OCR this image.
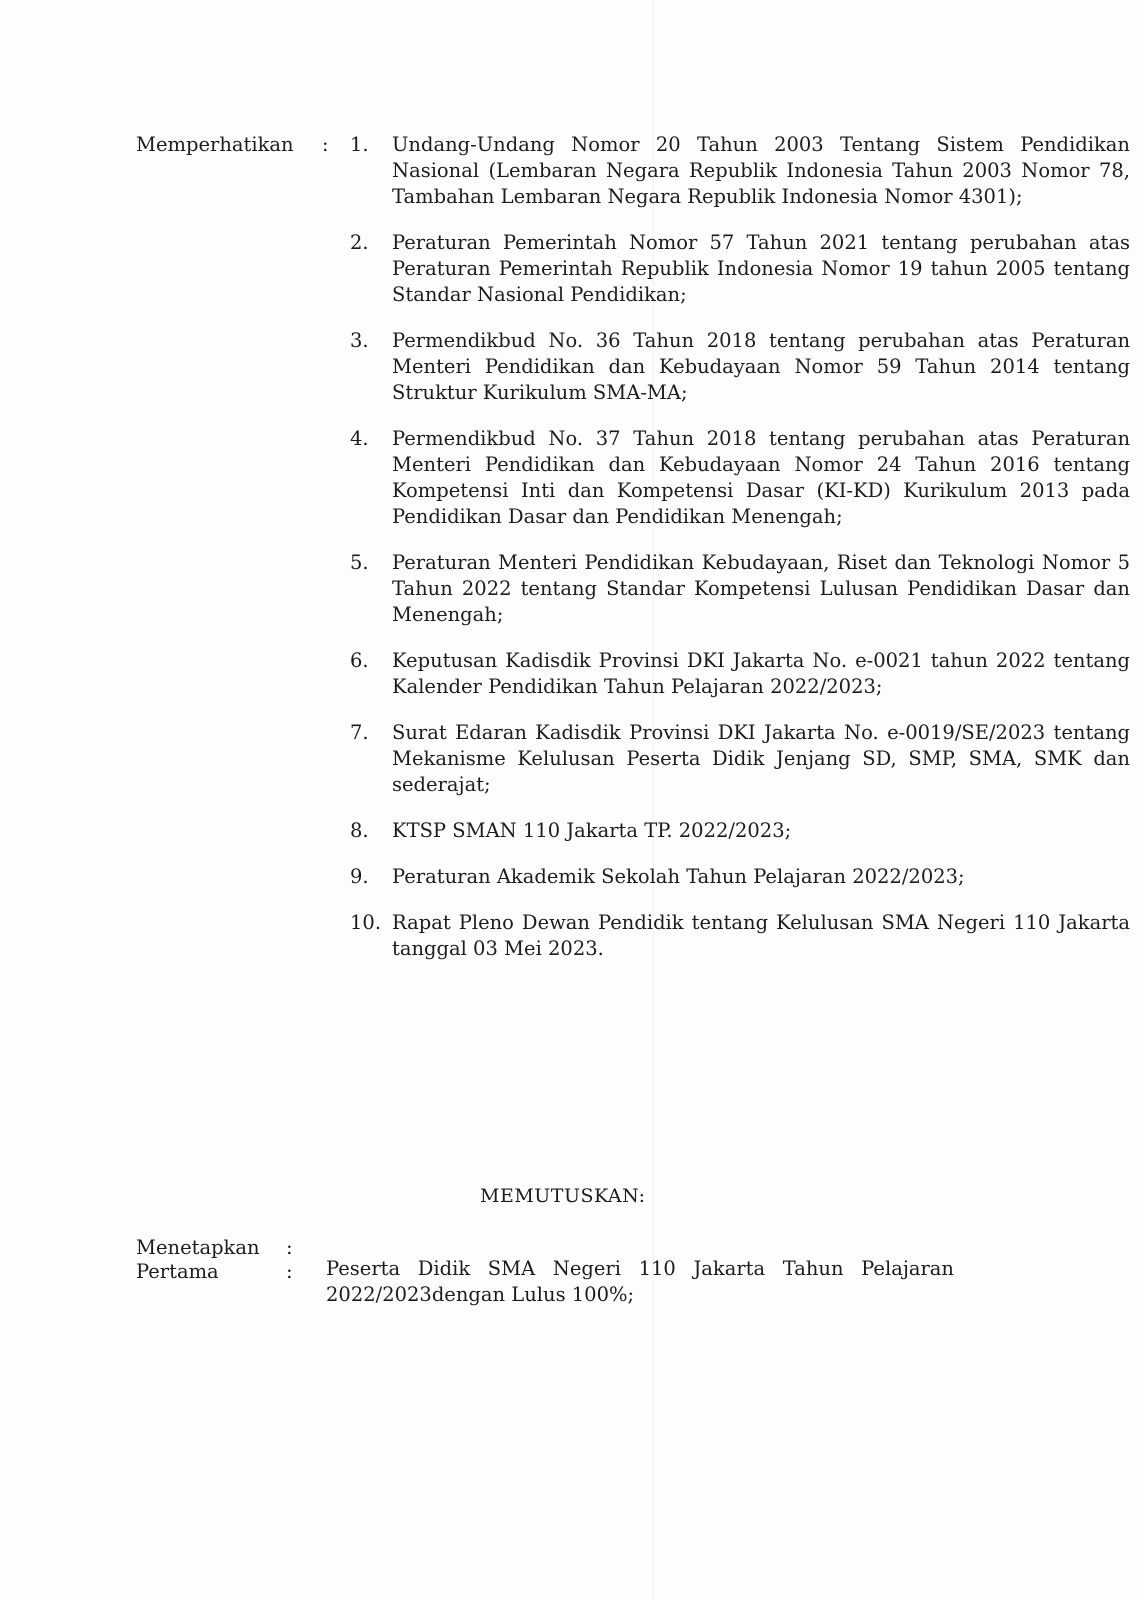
Memperhatikan : 1. Undang-Undang Nomor 20 Tahun 2003 Tentang Sistem Pendidikan Nasional (Lembaran Negara Republik Indonesia Tahun 2003 Nomor 78, Tambahan Lembaran Negara Republik Indonesia Nomor 4301);
2. Peraturan Pemerintah Nomor 57 Tahun 2021 tentang perubahan atas Peraturan Pemerintah Republik Indonesia Nomor 19 tahun 2005 tentang Standar Nasional Pendidikan;
3. Permendikbud No. 36 Tahun 2018 tentang perubahan atas Peraturan Menteri Pendidikan dan Kebudayaan Nomor 59 Tahun 2014 tentang Struktur Kurikulum SMA-MA;
4. Permendikbud No. 37 Tahun 2018 tentang perubahan atas Peraturan Menteri Pendidikan dan Kebudayaan Nomor 24 Tahun 2016 tentang Kompetensi Inti dan Kompetensi Dasar (KI-KD) Kurikulum 2013 pada Pendidikan Dasar dan Pendidikan Menengah;
5. Peraturan Menteri Pendidikan Kebudayaan, Riset dan Teknologi Nomor 5 Tahun 2022 tentang Standar Kompetensi Lulusan Pendidikan Dasar dan Menengah;
6. Keputusan Kadisdik Provinsi DKI Jakarta No. e-0021 tahun 2022 tentang Kalender Pendidikan Tahun Pelajaran 2022/2023;
7. Surat Edaran Kadisdik Provinsi DKI Jakarta No. e-0019/SE/2023 tentang Mekanisme Kelulusan Peserta Didik Jenjang SD, SMP, SMA, SMK dan sederajat;
8. KTSP SMAN 110 Jakarta TP. 2022/2023;
9. Peraturan Akademik Sekolah Tahun Pelajaran 2022/2023;
10. Rapat Pleno Dewan Pendidik tentang Kelulusan SMA Negeri 110 Jakarta tanggal 03 Mei 2023.
MEMUTUSKAN:
Menetapkan :
Pertama	: Peserta Didik SMA Negeri 110 Jakarta Tahun Pelajaran 2022/2023dengan Lulus 100%;
